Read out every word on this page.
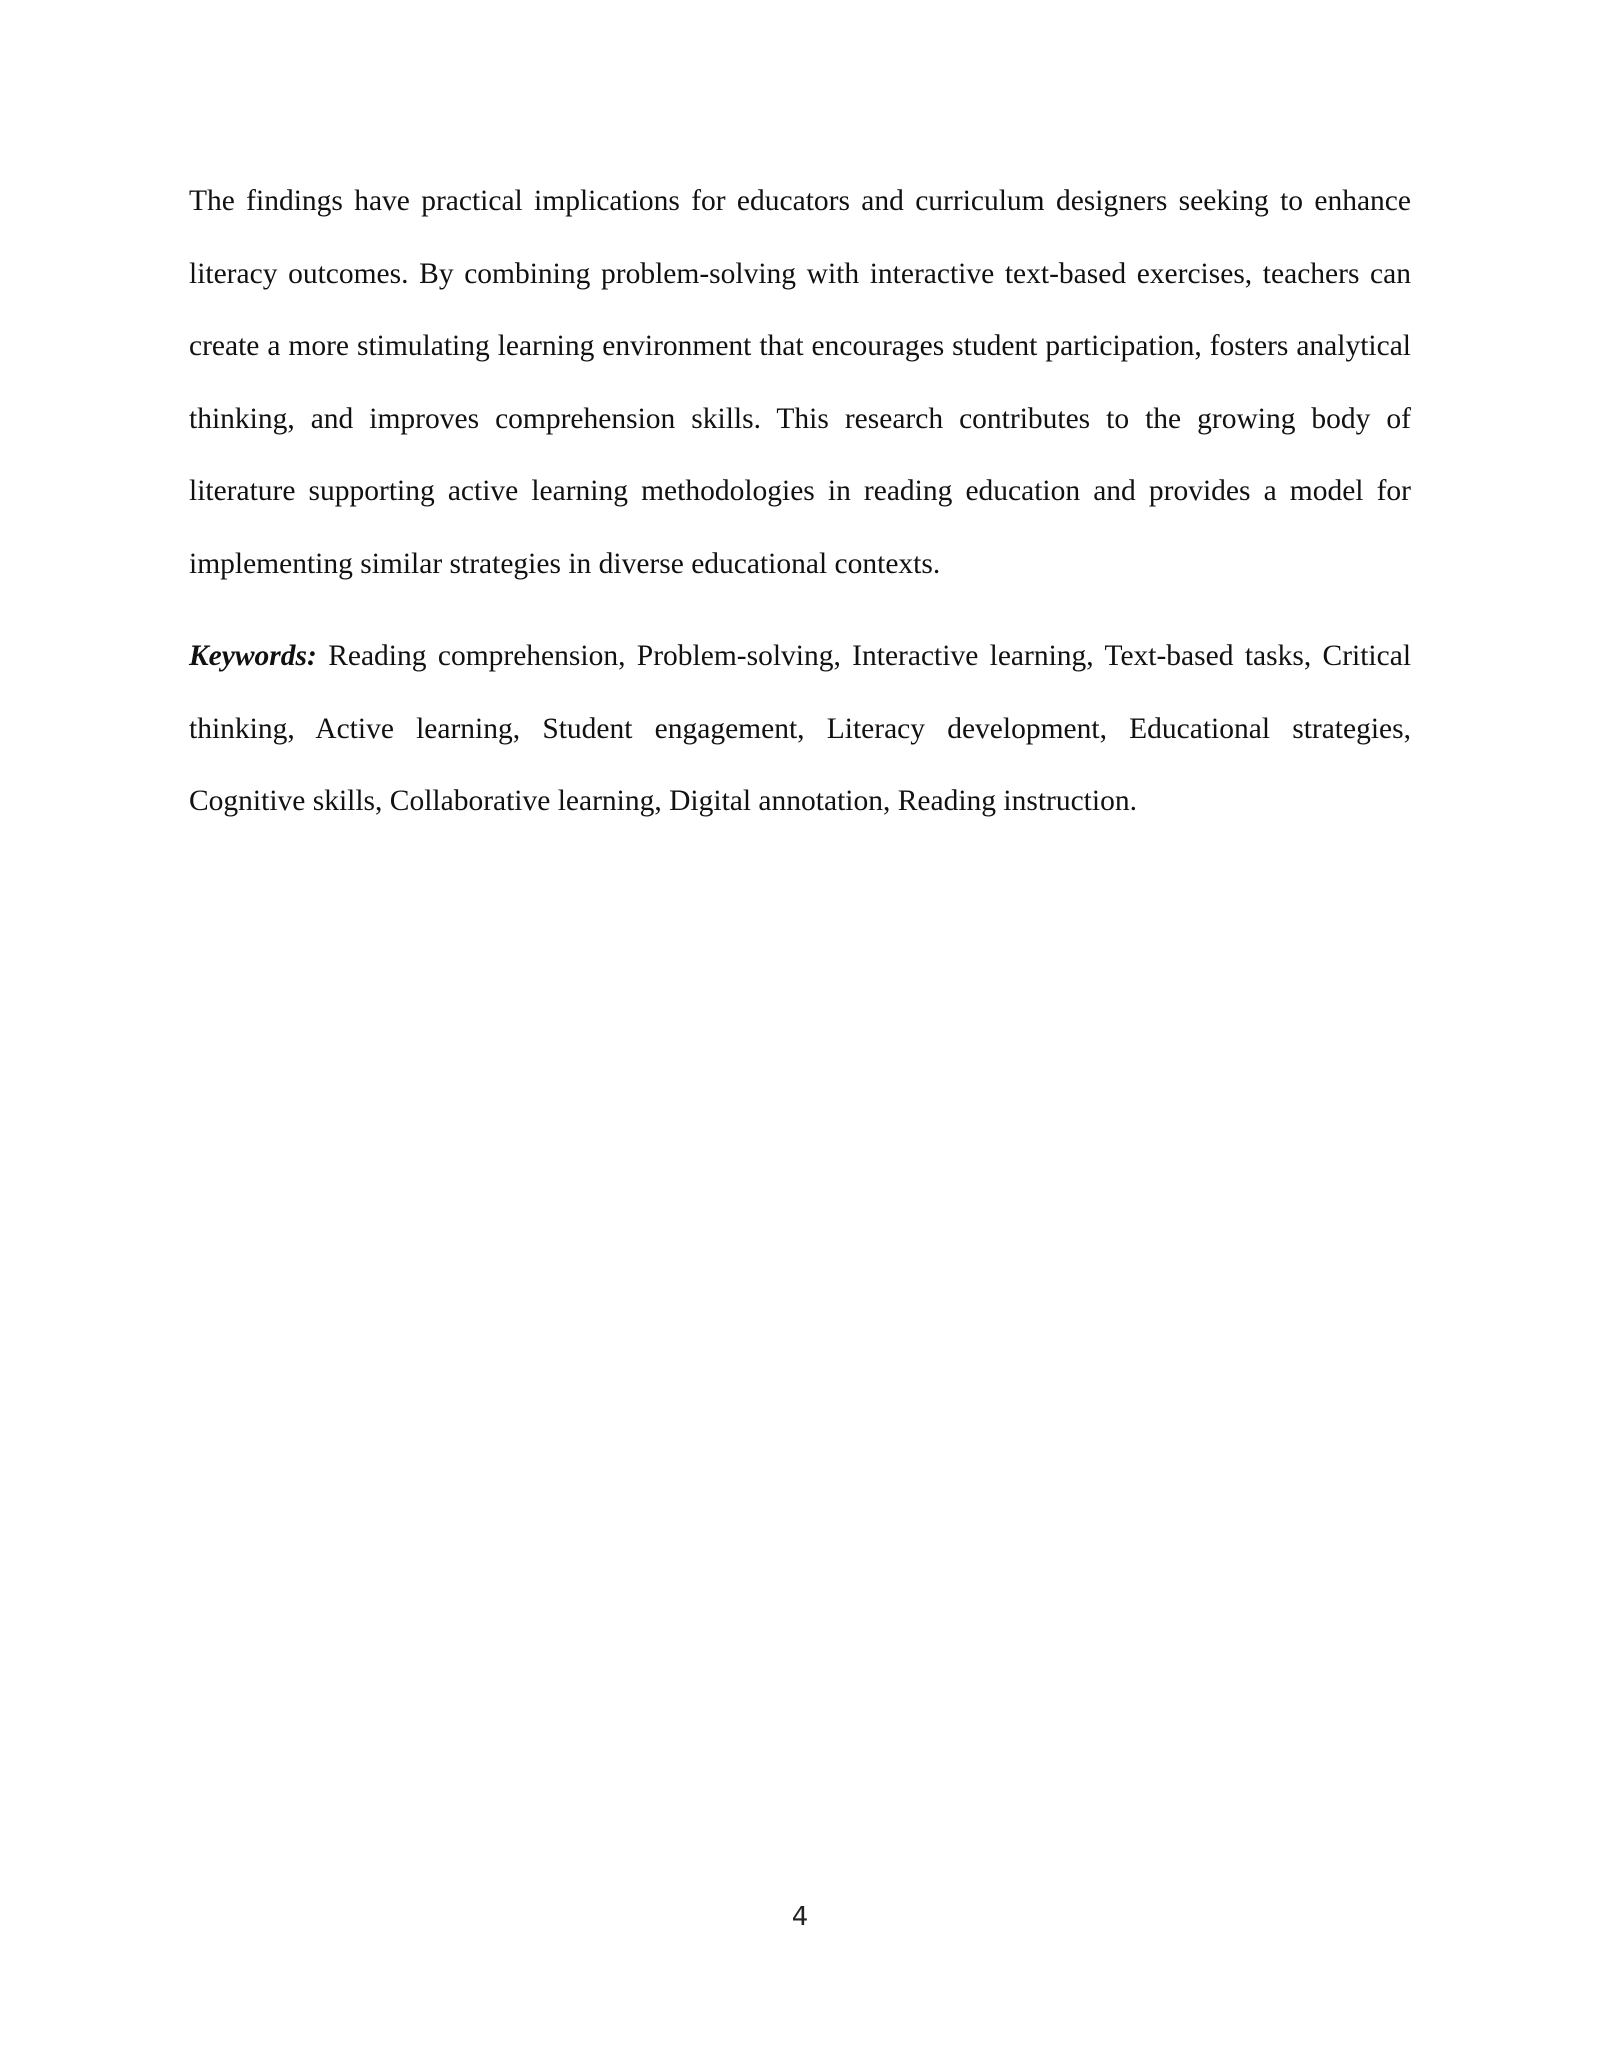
The findings have practical implications for educators and curriculum designers seeking to enhance literacy outcomes. By combining problem-solving with interactive text-based exercises, teachers can create a more stimulating learning environment that encourages student participation, fosters analytical thinking, and improves comprehension skills. This research contributes to the growing body of literature supporting active learning methodologies in reading education and provides a model for implementing similar strategies in diverse educational contexts.

Keywords: Reading comprehension, Problem-solving, Interactive learning, Text-based tasks, Critical thinking, Active learning, Student engagement, Literacy development, Educational strategies, Cognitive skills, Collaborative learning, Digital annotation, Reading instruction.

4
